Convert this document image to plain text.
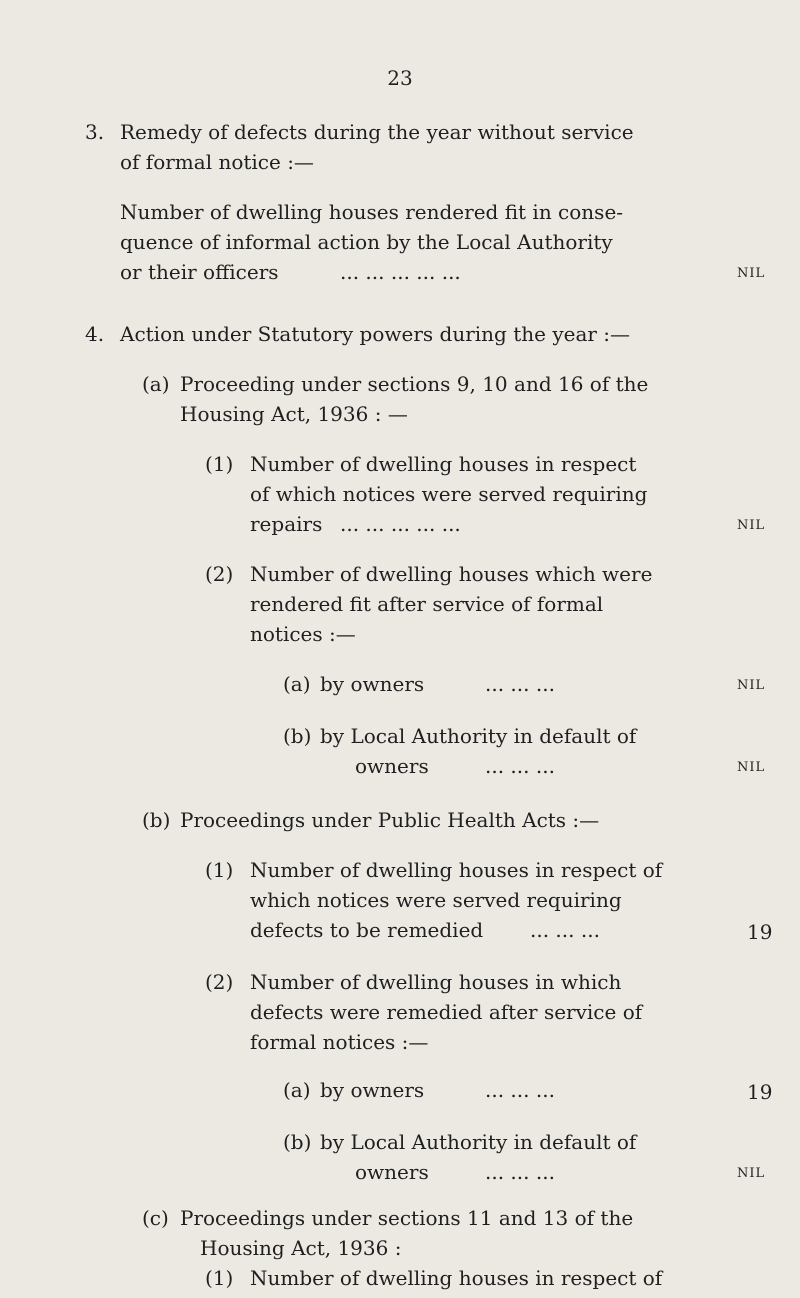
23
3. Remedy of defects during the year without service
of formal notice :—
Number of dwelling houses rendered fit in conse-
quence of informal action by the Local Authority
or their officers	... ... ... ... ...	NIL
4. Action under Statutory powers during the year :—
(a) Proceeding under sections 9, 10 and 16 of the
Housing Act, 1936 : —
(1) Number of dwelling houses in respect
of which notices were served requiring
repairs ... ... ... ... ...	NIL
(2) Number of dwelling houses which were
rendered fit after service of formal
notices :—
(a) by owners	... ... ...	NIL
(b) by Local Authority in default of
owners	... ... ...	NIL
(b) Proceedings under Public Health Acts :—
(1) Number of dwelling houses in respect of
which notices were served requiring
defects to be remedied ... ... ...	19
(2) Number of dwelling houses in which
defects were remedied after service of
formal notices :—
(a) by owners	... ... ...	19
(b) by Local Authority in default of
owners	... ... ...	NIL
(c) Proceedings under sections 11 and 13 of the
Housing Act, 1936 :
(1) Number of dwelling houses in respect of
